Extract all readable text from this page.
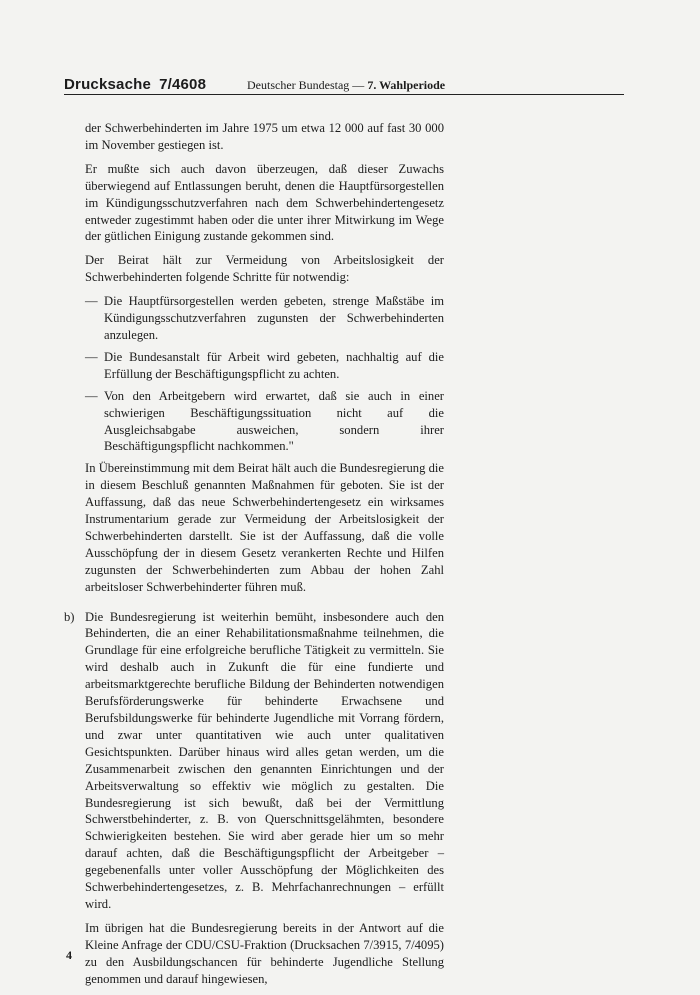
Drucksache 7/4608	Deutscher Bundestag — 7. Wahlperiode

der Schwerbehinderten im Jahre 1975 um etwa 12 000 auf fast 30 000 im November gestiegen ist.

Er mußte sich auch davon überzeugen, daß dieser Zuwachs überwiegend auf Entlassungen beruht, denen die Hauptfürsorgestellen im Kündigungsschutzverfahren nach dem Schwerbehindertengesetz entweder zugestimmt haben oder die unter ihrer Mitwirkung im Wege der gütlichen Einigung zustande gekommen sind.

Der Beirat hält zur Vermeidung von Arbeitslosigkeit der Schwerbehinderten folgende Schritte für notwendig:

— Die Hauptfürsorgestellen werden gebeten, strenge Maßstäbe im Kündigungsschutzverfahren zugunsten der Schwerbehinderten anzulegen.
— Die Bundesanstalt für Arbeit wird gebeten, nachhaltig auf die Erfüllung der Beschäftigungspflicht zu achten.
— Von den Arbeitgebern wird erwartet, daß sie auch in einer schwierigen Beschäftigungssituation nicht auf die Ausgleichsabgabe ausweichen, sondern ihrer Beschäftigungspflicht nachkommen."

In Übereinstimmung mit dem Beirat hält auch die Bundesregierung die in diesem Beschluß genannten Maßnahmen für geboten. Sie ist der Auffassung, daß das neue Schwerbehindertengesetz ein wirksames Instrumentarium gerade zur Vermeidung der Arbeitslosigkeit der Schwerbehinderten darstellt. Sie ist der Auffassung, daß die volle Ausschöpfung der in diesem Gesetz verankerten Rechte und Hilfen zugunsten der Schwerbehinderten zum Abbau der hohen Zahl arbeitsloser Schwerbehinderter führen muß.

b) Die Bundesregierung ist weiterhin bemüht, insbesondere auch den Behinderten, die an einer Rehabilitationsmaßnahme teilnehmen, die Grundlage für eine erfolgreiche berufliche Tätigkeit zu vermitteln. Sie wird deshalb auch in Zukunft die für eine fundierte und arbeitsmarktgerechte berufliche Bildung der Behinderten notwendigen Berufsförderungswerke für behinderte Erwachsene und Berufsbildungswerke für behinderte Jugendliche mit Vorrang fördern, und zwar unter quantitativen wie auch unter qualitativen Gesichtspunkten. Darüber hinaus wird alles getan werden, um die Zusammenarbeit zwischen den genannten Einrichtungen und der Arbeitsverwaltung so effektiv wie möglich zu gestalten. Die Bundesregierung ist sich bewußt, daß bei der Vermittlung Schwerstbehinderter, z. B. von Querschnittsgelähmten, besondere Schwierigkeiten bestehen. Sie wird aber gerade hier um so mehr darauf achten, daß die Beschäftigungspflicht der Arbeitgeber – gegebenenfalls unter voller Ausschöpfung der Möglichkeiten des Schwerbehindertengesetzes, z. B. Mehrfachanrechnungen – erfüllt wird.

Im übrigen hat die Bundesregierung bereits in der Antwort auf die Kleine Anfrage der CDU/CSU-Fraktion (Drucksachen 7/3915, 7/4095) zu den Ausbildungschancen für behinderte Jugendliche Stellung genommen und darauf hingewiesen,

4
